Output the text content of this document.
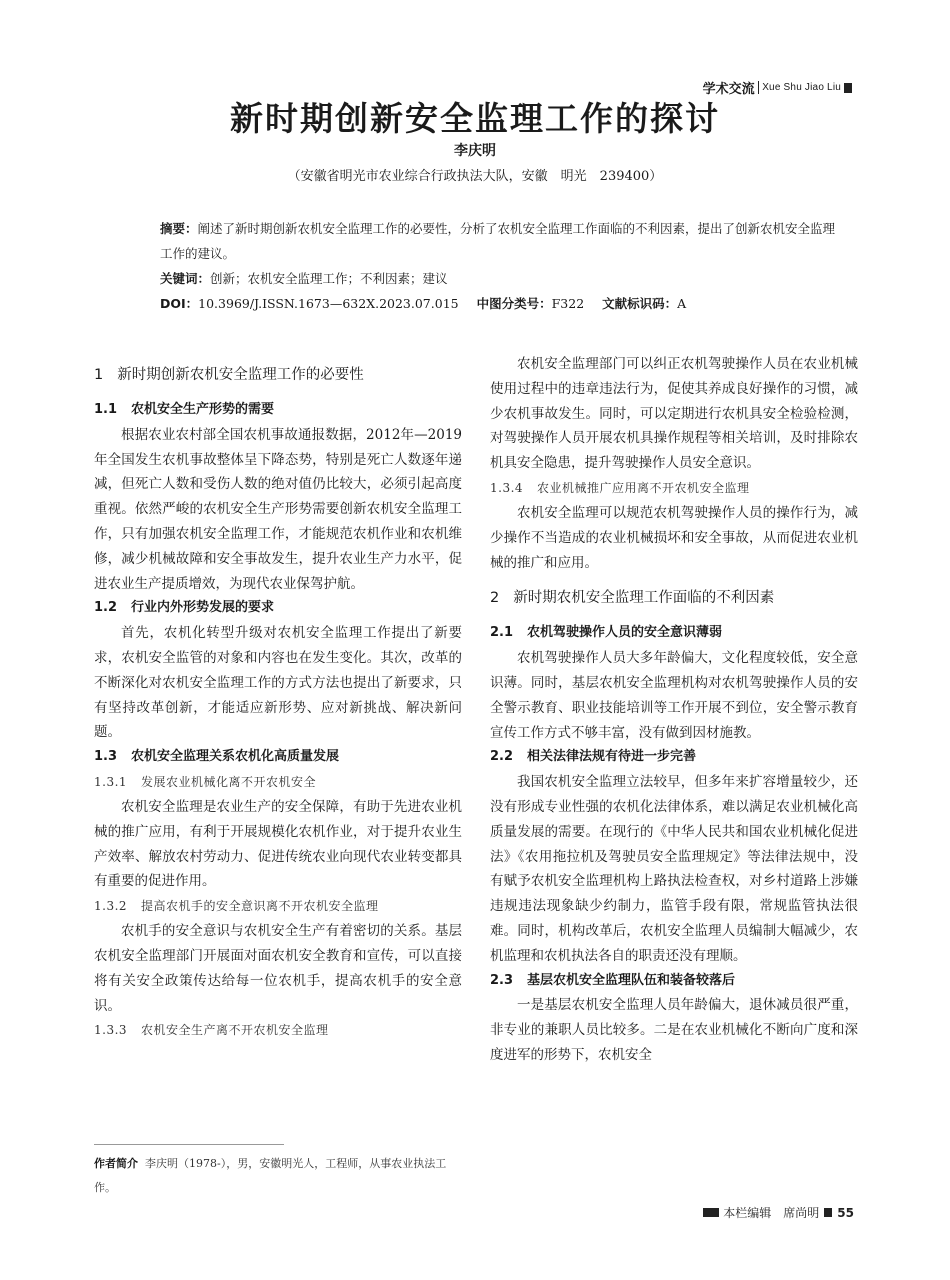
学术交流 Xue Shu Jiao Liu
新时期创新安全监理工作的探讨
李庆明
（安徽省明光市农业综合行政执法大队，安徽　明光　239400）
摘要：阐述了新时期创新农机安全监理工作的必要性，分析了农机安全监理工作面临的不利因素，提出了创新农机安全监理工作的建议。
关键词：创新；农机安全监理工作；不利因素；建议
DOI：10.3969/J.ISSN.1673—632X.2023.07.015 中图分类号：F322 文献标识码：A
1 新时期创新农机安全监理工作的必要性
1.1 农机安全生产形势的需要

根据农业农村部全国农机事故通报数据，2012年—2019年全国发生农机事故整体呈下降态势，特别是死亡人数逐年递减，但死亡人数和受伤人数的绝对值仍比较大，必须引起高度重视。依然严峻的农机安全生产形势需要创新农机安全监理工作，只有加强农机安全监理工作，才能规范农机作业和农机维修，减少机械故障和安全事故发生，提升农业生产力水平，促进农业生产提质增效，为现代农业保驾护航。

1.2 行业内外形势发展的要求

首先，农机化转型升级对农机安全监理工作提出了新要求，农机安全监管的对象和内容也在发生变化。其次，改革的不断深化对农机安全监理工作的方式方法也提出了新要求，只有坚持改革创新，才能适应新形势、应对新挑战、解决新问题。

1.3 农机安全监理关系农机化高质量发展
1.3.1 发展农业机械化离不开农机安全

农机安全监理是农业生产的安全保障，有助于先进农业机械的推广应用，有利于开展规模化农机作业，对于提升农业生产效率、解放农村劳动力、促进传统农业向现代农业转变都具有重要的促进作用。

1.3.2 提高农机手的安全意识离不开农机安全监理

农机手的安全意识与农机安全生产有着密切的关系。基层农机安全监理部门开展面对面农机安全教育和宣传，可以直接将有关安全政策传达给每一位农机手，提高农机手的安全意识。

1.3.3 农机安全生产离不开农机安全监理
作者简介 李庆明（1978-），男，安徽明光人，工程师，从事农业执法工作。

农机安全监理部门可以纠正农机驾驶操作人员在农业机械使用过程中的违章违法行为，促使其养成良好操作的习惯，减少农机事故发生。同时，可以定期进行农机具安全检验检测，对驾驶操作人员开展农机具操作规程等相关培训，及时排除农机具安全隐患，提升驾驶操作人员安全意识。

1.3.4 农业机械推广应用离不开农机安全监理

农机安全监理可以规范农机驾驶操作人员的操作行为，减少操作不当造成的农业机械损坏和安全事故，从而促进农业机械的推广和应用。

2 新时期农机安全监理工作面临的不利因素
2.1 农机驾驶操作人员的安全意识薄弱

农机驾驶操作人员大多年龄偏大，文化程度较低，安全意识薄。同时，基层农机安全监理机构对农机驾驶操作人员的安全警示教育、职业技能培训等工作开展不到位，安全警示教育宣传工作方式不够丰富，没有做到因材施教。

2.2 相关法律法规有待进一步完善

我国农机安全监理立法较早，但多年来扩容增量较少，还没有形成专业性强的农机化法律体系，难以满足农业机械化高质量发展的需要。在现行的《中华人民共和国农业机械化促进法》《农用拖拉机及驾驶员安全监理规定》等法律法规中，没有赋予农机安全监理机构上路执法检查权，对乡村道路上涉嫌违规违法现象缺少约制力，监管手段有限，常规监管执法很难。同时，机构改革后，农机安全监理人员编制大幅减少，农机监理和农机执法各自的职责还没有理顺。

2.3 基层农机安全监理队伍和装备较落后

一是基层农机安全监理人员年龄偏大，退休减员很严重，非专业的兼职人员比较多。二是在农业机械化不断向广度和深度进军的形势下，农机安全

本栏编辑　席尚明 55
